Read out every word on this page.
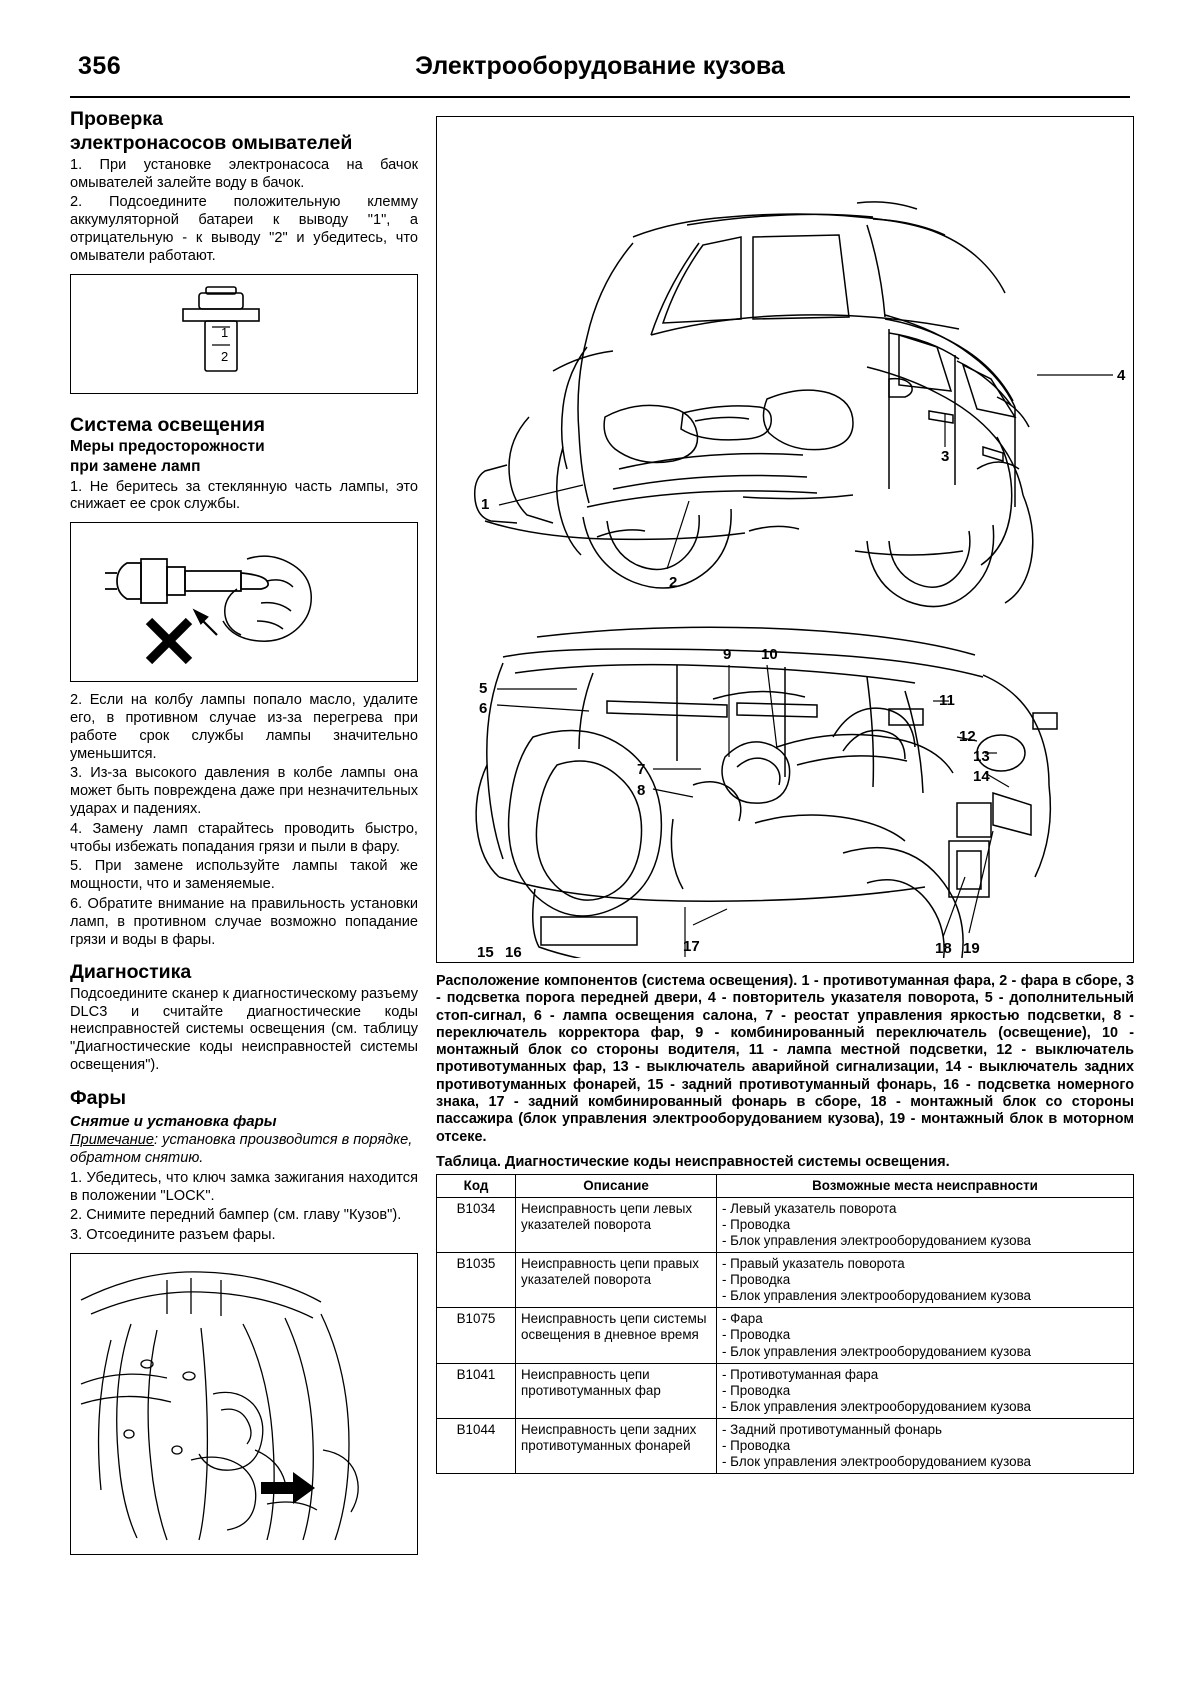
356	Электрооборудование кузова
Проверка
электронасосов омывателей

1. При установке электронасоса на бачок омывателей залейте воду в бачок.

2. Подсоедините положительную клемму аккумуляторной батареи к выводу "1", а отрицательную - к выводу "2" и убедитесь, что омыватели работают.

1
2
Система освещения
Меры предосторожности
при замене ламп

1. Не беритесь за стеклянную часть лампы, это снижает ее срок службы.

2. Если на колбу лампы попало масло, удалите его, в противном случае из-за перегрева при работе срок службы лампы значительно уменьшится.

3. Из-за высокого давления в колбе лампы она может быть повреждена даже при незначительных ударах и падениях.

4. Замену ламп старайтесь проводить быстро, чтобы избежать попадания грязи и пыли в фару.

5. При замене используйте лампы такой же мощности, что и заменяемые.

6. Обратите внимание на правильность установки ламп, в противном случае возможно попадание грязи и воды в фары.

Диагностика

Подсоедините сканер к диагностическому разъему DLC3 и считайте диагностические коды неисправностей системы освещения (см. таблицу "Диагностические коды неисправностей системы освещения").

Фары
Снятие и установка фары

Примечание: установка производится в порядке, обратном снятию.

1. Убедитесь, что ключ замка зажигания находится в положении "LOCK".

2. Снимите передний бампер (см. главу "Кузов").

3. Отсоедините разъем фары.

1
2
3
4
5
6
7
8
9 10
11
12
13
14
15 16	17	18 19

Расположение компонентов (система освещения). 1 - противотуманная фара, 2 - фара в сборе, 3 - подсветка порога передней двери, 4 - повторитель указателя поворота, 5 - дополнительный стоп-сигнал, 6 - лампа освещения салона, 7 - реостат управления яркостью подсветки, 8 - переключатель корректора фар, 9 - комбинированный переключатель (освещение), 10 - монтажный блок со стороны водителя, 11 - лампа местной подсветки, 12 - выключатель противотуманных фар, 13 - выключатель аварийной сигнализации, 14 - выключатель задних противотуманных фонарей, 15 - задний противотуманный фонарь, 16 - подсветка номерного знака, 17 - задний комбинированный фонарь в сборе, 18 - монтажный блок со стороны пассажира (блок управления электрооборудованием кузова), 19 - монтажный блок в моторном отсеке.

Таблица. Диагностические коды неисправностей системы освещения.
Код	Описание	Возможные места неисправности
B1034	Неисправность цепи левых указателей поворота	- Левый указатель поворота
- Проводка
- Блок управления электрооборудованием кузова

B1035	Неисправность цепи правых указателей поворота	- Правый указатель поворота
- Проводка
- Блок управления электрооборудованием кузова

B1075	Неисправность цепи системы освещения в дневное время	- Фара
- Проводка
- Блок управления электрооборудованием кузова

B1041	Неисправность цепи противотуманных фар	- Противотуманная фара
- Проводка
- Блок управления электрооборудованием кузова

B1044	Неисправность цепи задних противотуманных фонарей	- Задний противотуманный фонарь
- Проводка
- Блок управления электрооборудованием кузова
